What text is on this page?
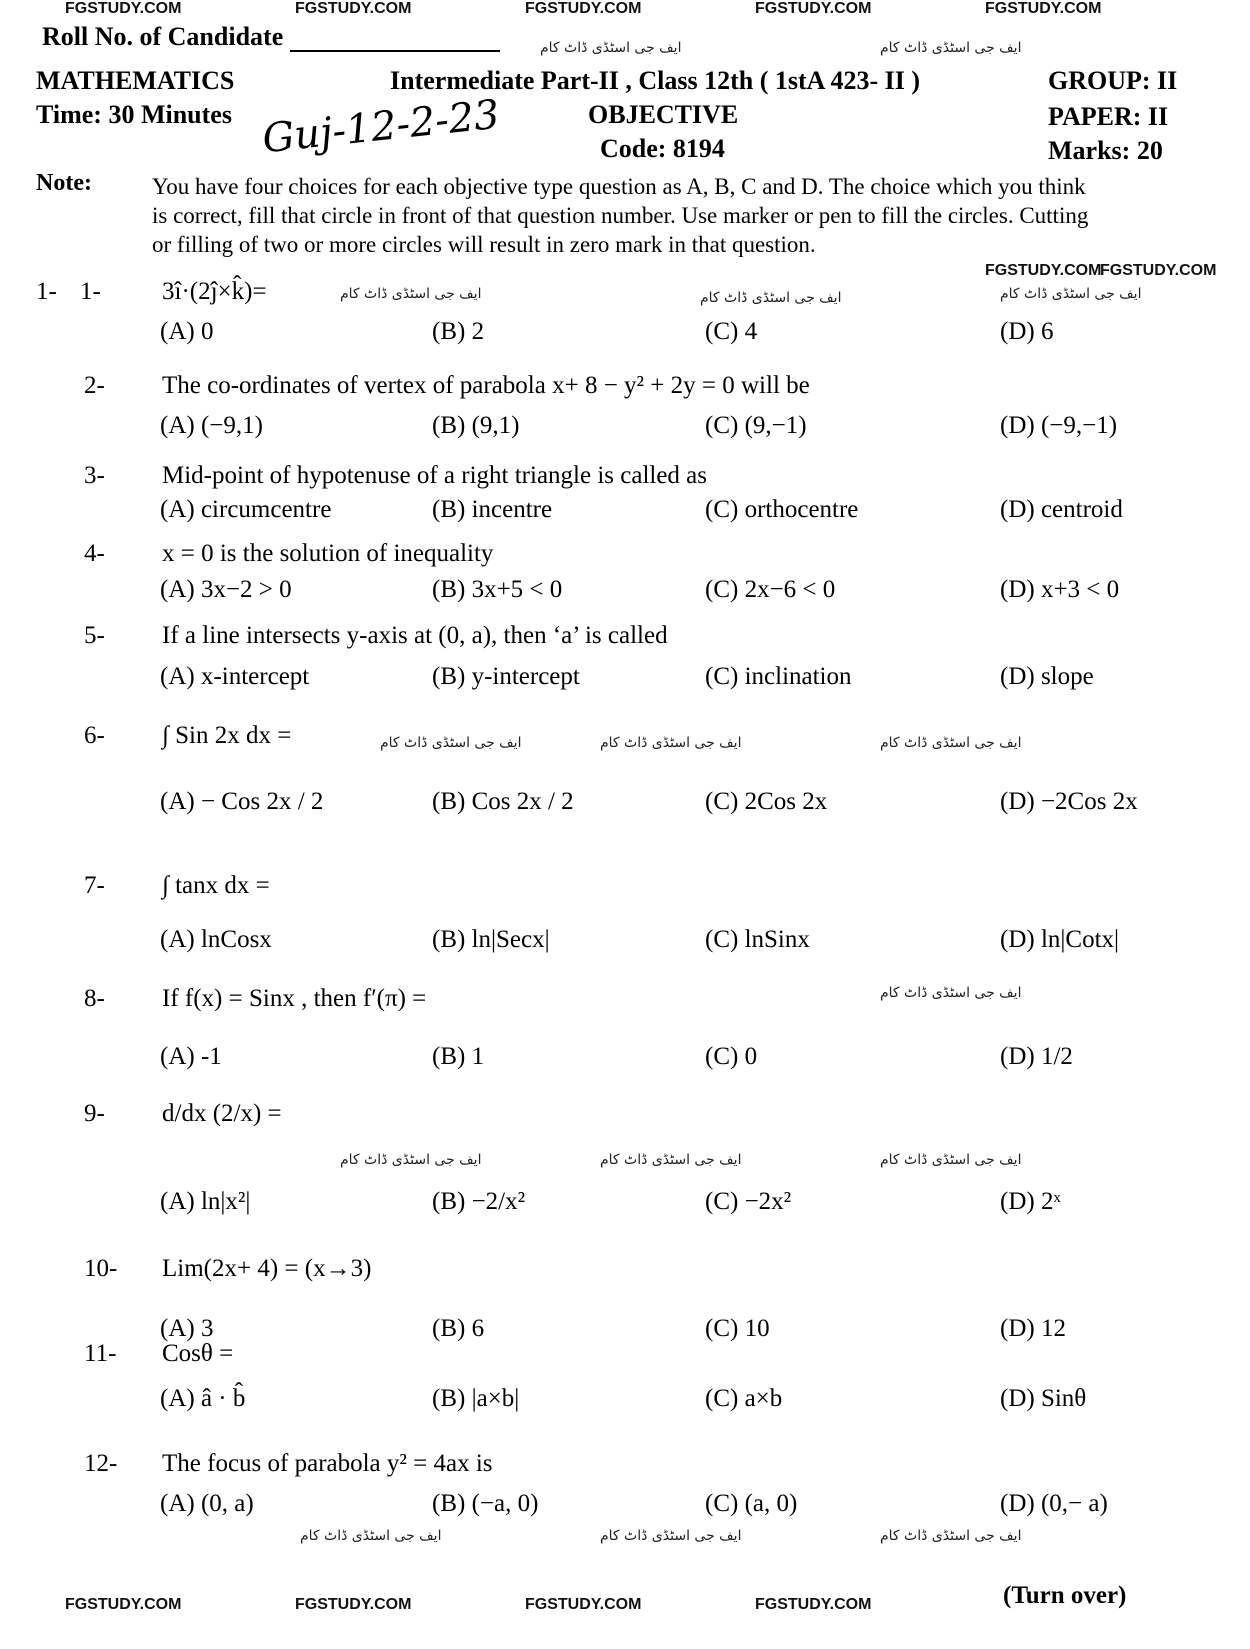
FGSTUDY.COM	FGSTUDY.COM	FGSTUDY.COM	FGSTUDY.COM	FGSTUDY.COM
FGSTUDY.COM
FGSTUDY.COM
FGSTUDY.COM	FGSTUDY.COM	FGSTUDY.COM	FGSTUDY.COM
ایف جی اسٹڈی ڈاٹ کام	ایف جی اسٹڈی ڈاٹ کام
ایف جی اسٹڈی ڈاٹ کام	ایف جی اسٹڈی ڈاٹ کام
ایف جی اسٹڈی ڈاٹ کام
ایف جی اسٹڈی ڈاٹ کام
ایف جی اسٹڈی ڈاٹ کام	ایف جی اسٹڈی ڈاٹ کام
ایف جی اسٹڈی ڈاٹ کام
ایف جی اسٹڈی ڈاٹ کام	ایف جی اسٹڈی ڈاٹ کام	ایف جی اسٹڈی ڈاٹ کام
ایف جی اسٹڈی ڈاٹ کام
ایف جی اسٹڈی ڈاٹ کام
ایف جی اسٹڈی ڈاٹ کام
Roll No. of Candidate
MATHEMATICS	Intermediate Part-II , Class 12th ( 1stA 423- II )	GROUP: II
Time: 30 Minutes Guj-12-2-23	OBJECTIVE	PAPER: II
Code: 8194	Marks: 20
Note:	You have four choices for each objective type question as A, B, C and D. The choice which you think
is correct, fill that circle in front of that question number. Use marker or pen to fill the circles. Cutting
or filling of two or more circles will result in zero mark in that question.
1-
1-	3î·(2ĵ×k̂)=
(A) 0	(B) 2	(C) 4	(D) 6
2- The co-ordinates of vertex of parabola x+ 8 − y² + 2y = 0 will be
(A) (−9,1)	(B) (9,1)	(C) (9,−1)	(D) (−9,−1)
3- Mid-point of hypotenuse of a right triangle is called as
(A) circumcentre	(B) incentre	(C) orthocentre	(D) centroid
4- x = 0 is the solution of inequality
(A) 3x−2 > 0	(B) 3x+5 < 0	(C) 2x−6 < 0	(D) x+3 < 0
5- If a line intersects y-axis at (0, a), then ‘a’ is called
(A) x-intercept	(B) y-intercept	(C) inclination	(D) slope
6- ∫ Sin 2x dx =
(A) − Cos 2x / 2	(B) Cos 2x / 2	(C) 2Cos 2x	(D) −2Cos 2x
7- ∫ tanx dx =
(A) lnCosx	(B) ln|Secx|	(C) lnSinx	(D) ln|Cotx|
8- If f(x) = Sinx , then f′(π) =
(A) -1	(B) 1	(C) 0	(D) 1/2
9- d/dx (2/x) =
(A) ln|x²|	(B) −2/x²	(C) −2x²	(D) 2ˣ
10- Lim(2x+ 4) = (x→3)
(A) 3	(B) 6	(C) 10	(D) 12
11- Cosθ =
(A) â · b̂	(B) |a×b|	(C) a×b	(D) Sinθ
12- The focus of parabola y² = 4ax is
(A) (0, a)	(B) (−a, 0)	(C) (a, 0)	(D) (0,− a)
(Turn over)
